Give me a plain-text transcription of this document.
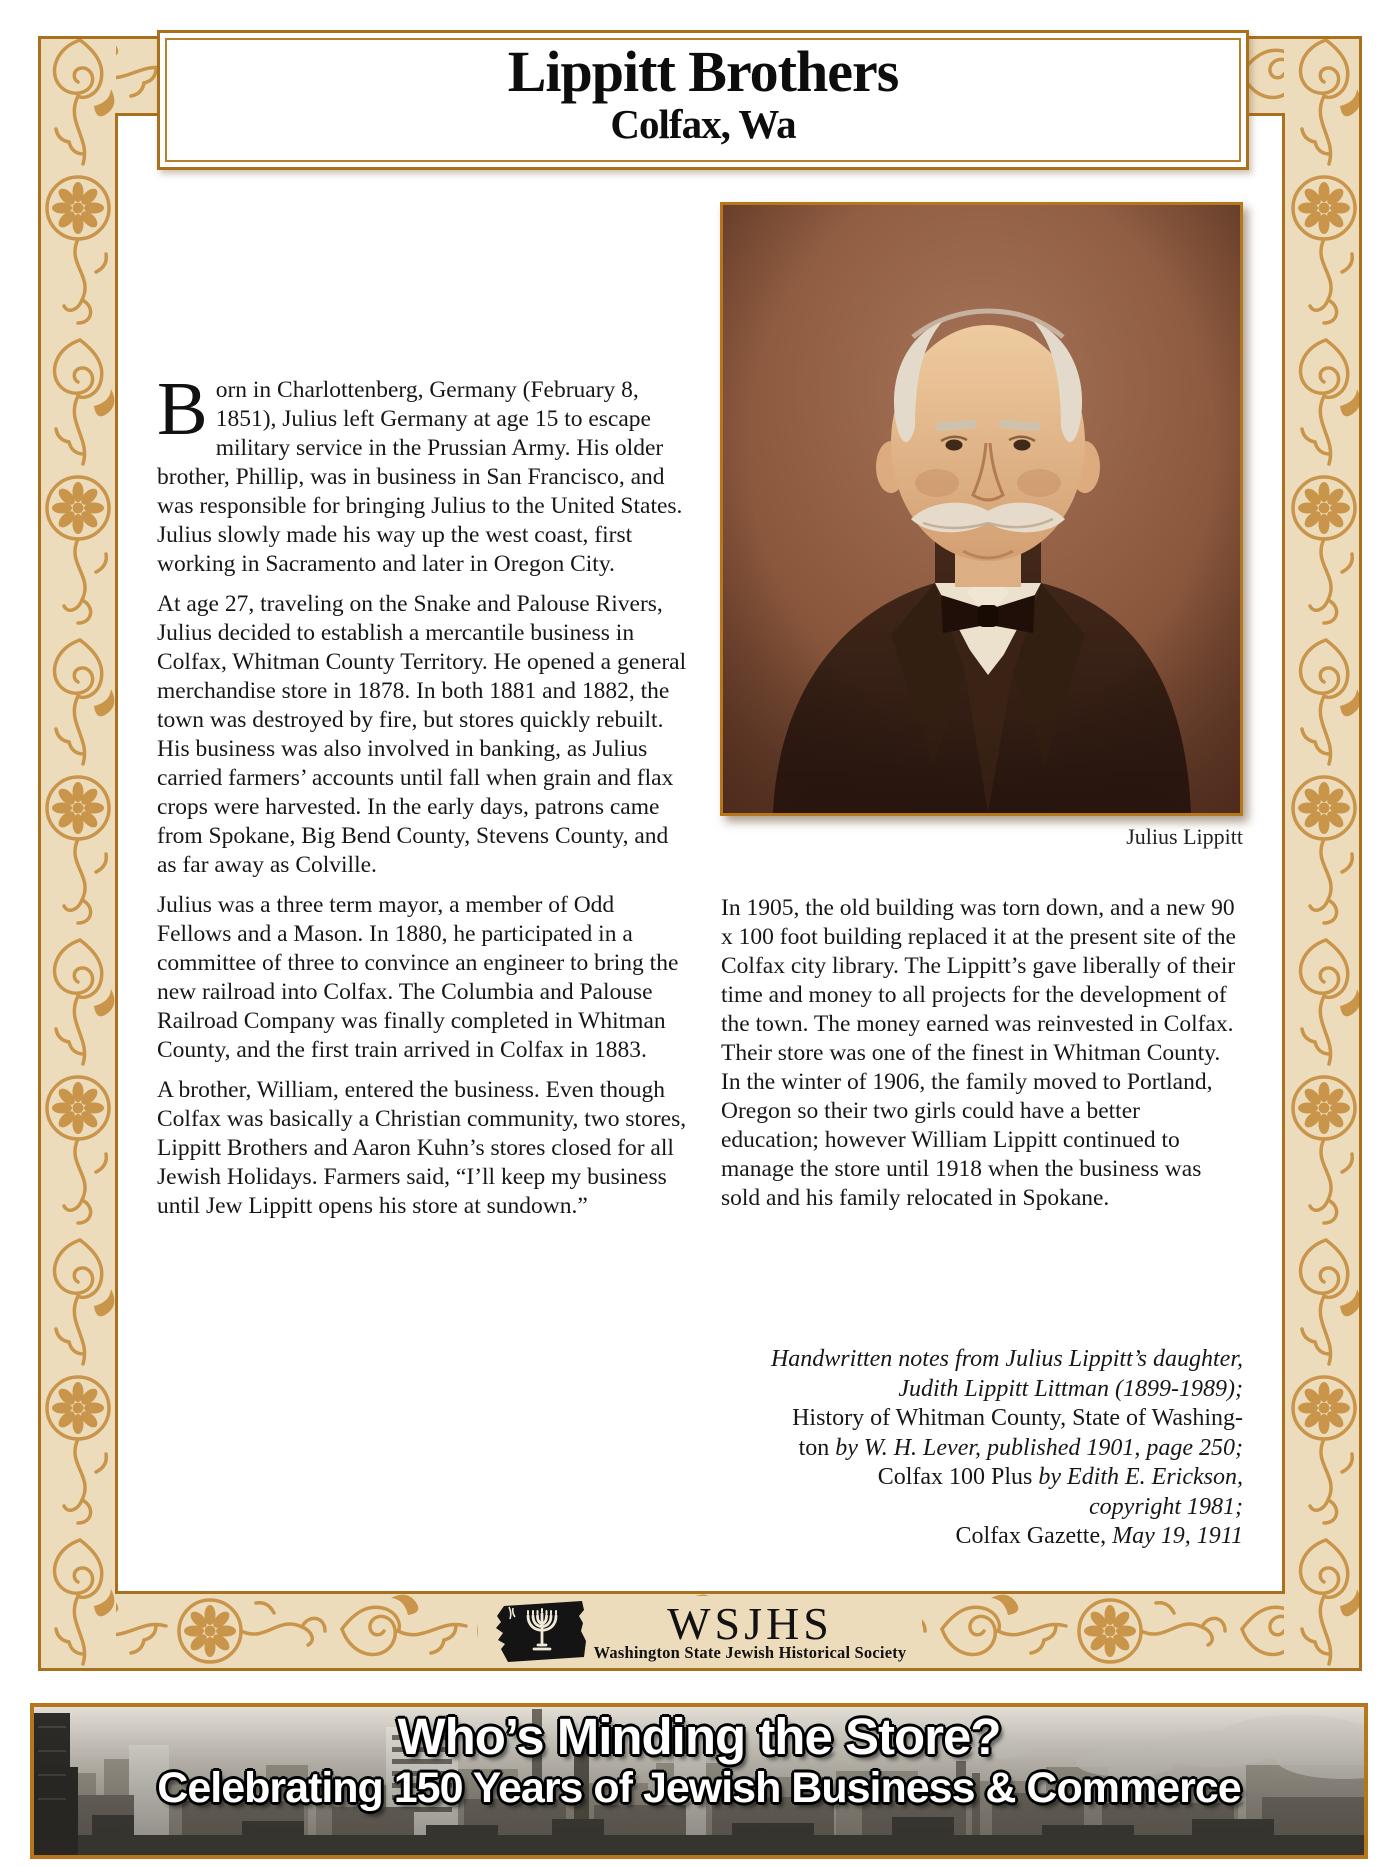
Lippitt Brothers
Colfax, Wa
Julius Lippitt

Born in Charlottenberg, Germany (February 8, 1851), Julius left Germany at age 15 to escape military service in the Prussian Army. His older brother, Phillip, was in business in San Francisco, and was responsible for bringing Julius to the United States. Julius slowly made his way up the west coast, first working in Sacramento and later in Oregon City.

At age 27, traveling on the Snake and Palouse Rivers, Julius decided to establish a mercantile business in Colfax, Whitman County Territory. He opened a general merchandise store in 1878. In both 1881 and 1882, the town was destroyed by fire, but stores quickly rebuilt. His business was also involved in banking, as Julius carried farmers’ accounts until fall when grain and flax crops were harvested. In the early days, patrons came from Spokane, Big Bend County, Stevens County, and as far away as Colville.

Julius was a three term mayor, a member of Odd Fellows and a Mason. In 1880, he participated in a committee of three to convince an engineer to bring the new railroad into Colfax. The Columbia and Palouse Railroad Company was finally completed in Whitman County, and the first train arrived in Colfax in 1883.

A brother, William, entered the business. Even though Colfax was basically a Christian community, two stores, Lippitt Brothers and Aaron Kuhn’s stores closed for all Jewish Holidays. Farmers said, “I’ll keep my business until Jew Lippitt opens his store at sundown.”

In 1905, the old building was torn down, and a new 90 x 100 foot building replaced it at the present site of the Colfax city library. The Lippitt’s gave liberally of their time and money to all projects for the development of the town. The money earned was reinvested in Colfax. Their store was one of the finest in Whitman County. In the winter of 1906, the family moved to Portland, Oregon so their two girls could have a better education; however William Lippitt continued to manage the store until 1918 when the business was sold and his family relocated in Spokane.

Handwritten notes from Julius Lippitt’s daughter,
Judith Lippitt Littman (1899-1989);
History of Whitman County, State of Washing-
ton by W. H. Lever, published 1901, page 250;
Colfax 100 Plus by Edith E. Erickson,
copyright 1981;
Colfax Gazette, May 19, 1911
WSJHS
Washington State Jewish Historical Society
Who’s Minding the Store?
Celebrating 150 Years of Jewish Business & Commerce
